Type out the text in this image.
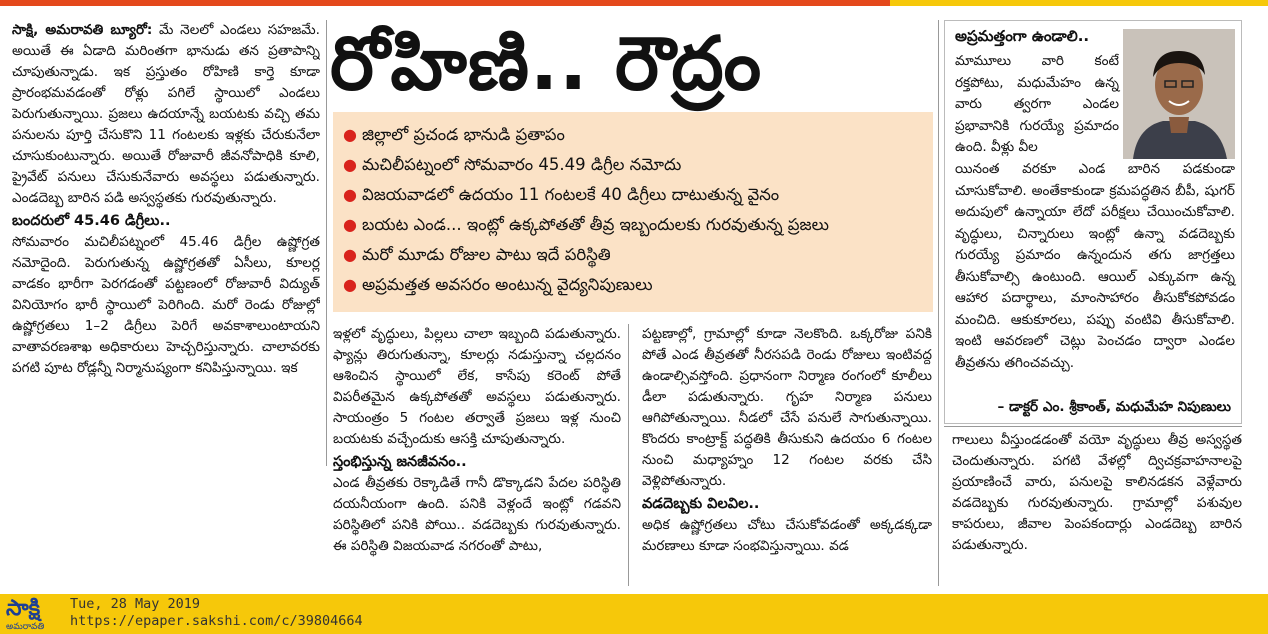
సాక్షి, అమరావతి బ్యూరో: మే నెలలో ఎండలు సహజమే. అయితే ఈ ఏడాది మరింతగా భానుడు తన ప్రతాపాన్ని చూపుతున్నాడు. ఇక ప్రస్తుతం రోహిణి కార్తె కూడా ప్రారంభమవడంతో రోళ్లు పగిలే స్థాయిలో ఎండలు పెరుగుతున్నాయి. ప్రజలు ఉదయాన్నే బయటకు వచ్చి తమ పనులను పూర్తి చేసుకొని 11 గంటలకు ఇళ్లకు చేరుకునేలా చూసుకుంటున్నారు. అయితే రోజువారీ జీవనోపాధికి కూలి, ప్రైవేట్ పనులు చేసుకునేవారు అవస్థలు పడుతున్నారు. ఎండదెబ్బ బారిన పడి అస్వస్థతకు గురవుతున్నారు.

బందరులో 45.46 డిగ్రీలు..

సోమవారం మచిలీపట్నంలో 45.46 డిగ్రీల ఉష్ణోగ్రత నమోదైంది. పెరుగుతున్న ఉష్ణోగ్రతతో ఏసీలు, కూలర్ల వాడకం భారీగా పెరగడంతో పట్టణంలో రోజువారీ విద్యుత్ వినియోగం భారీ స్థాయిలో పెరిగింది. మరో రెండు రోజుల్లో ఉష్ణోగ్రతలు 1–2 డిగ్రీలు పెరిగే అవకాశాలుంటాయని వాతావరణశాఖ అధికారులు హెచ్చరిస్తున్నారు. చాలావరకు పగటి పూట రోడ్లన్నీ నిర్మానుష్యంగా కనిపిస్తున్నాయి. ఇక

రోహిణి.. రౌద్రం
● జిల్లాలో ప్రచండ భానుడి ప్రతాపం
● మచిలీపట్నంలో సోమవారం 45.49 డిగ్రీల నమోదు
● విజయవాడలో ఉదయం 11 గంటలకే 40 డిగ్రీలు దాటుతున్న వైనం
● బయట ఎండ... ఇంట్లో ఉక్కపోతతో తీవ్ర ఇబ్బందులకు గురవుతున్న ప్రజలు
● మరో మూడు రోజుల పాటు ఇదే పరిస్థితి
● అప్రమత్తత అవసరం అంటున్న వైద్యనిపుణులు

ఇళ్లలో వృద్ధులు, పిల్లలు చాలా ఇబ్బంది పడుతున్నారు. ఫ్యాన్లు తిరుగుతున్నా, కూలర్లు నడుస్తున్నా చల్లదనం ఆశించిన స్థాయిలో లేక, కాసేపు కరెంట్ పోతే విపరీతమైన ఉక్కపోతతో అవస్థలు పడుతున్నారు. సాయంత్రం 5 గంటల తర్వాతే ప్రజలు ఇళ్ల నుంచి బయటకు వచ్చేందుకు ఆసక్తి చూపుతున్నారు.

స్తంభిస్తున్న జనజీవనం..

ఎండ తీవ్రతకు రెక్కాడితే గానీ డొక్కాడని పేదల పరిస్థితి దయనీయంగా ఉంది. పనికి వెళ్లందే ఇంట్లో గడవని పరిస్థితిలో పనికి పోయి.. వడదెబ్బకు గురవుతున్నారు. ఈ పరిస్థితి విజయవాడ నగరంతో పాటు,

పట్టణాల్లో, గ్రామాల్లో కూడా నెలకొంది. ఒక్కరోజు పనికి పోతే ఎండ తీవ్రతతో నీరసపడి రెండు రోజులు ఇంటివద్ద ఉండాల్సివస్తోంది. ప్రధానంగా నిర్మాణ రంగంలో కూలీలు డీలా పడుతున్నారు. గృహ నిర్మాణ పనులు ఆగిపోతున్నాయి. నీడలో చేసే పనులే సాగుతున్నాయి. కొందరు కాంట్రాక్ట్ పద్ధతికి తీసుకుని ఉదయం 6 గంటల నుంచి మధ్యాహ్నం 12 గంటల వరకు చేసి వెళ్లిపోతున్నారు.

వడదెబ్బకు విలవిల..

అధిక ఉష్ణోగ్రతలు చోటు చేసుకోవడంతో అక్కడక్కడా మరణాలు కూడా సంభవిస్తున్నాయి. వడ

అప్రమత్తంగా ఉండాలి..
మామూలు వారి కంటే రక్తపోటు, మధుమేహం ఉన్న వారు త్వరగా ఎండల ప్రభావానికి గురయ్యే ప్రమాదం ఉంది. వీళ్లు వీల
యినంత వరకూ ఎండ బారిన పడకుండా చూసుకోవాలి. అంతేకాకుండా క్రమపద్ధతిన బీపీ, షుగర్ అదుపులో ఉన్నాయా లేదో పరీక్షలు చేయించుకోవాలి. వృద్ధులు, చిన్నారులు ఇంట్లో ఉన్నా వడదెబ్బకు గురయ్యే ప్రమాదం ఉన్నందున తగు జాగ్రత్తలు తీసుకోవాల్సి ఉంటుంది. ఆయిల్ ఎక్కువగా ఉన్న ఆహార పదార్థాలు, మాంసాహారం తీసుకోకపోవడం మంచిది. ఆకుకూరలు, పప్పు వంటివి తీసుకోవాలి. ఇంటి ఆవరణలో చెట్లు పెంచడం ద్వారా ఎండల తీవ్రతను తగించవచ్చు.
– డాక్టర్ ఎం. శ్రీకాంత్, మధుమేహ నిపుణులు

గాలులు వీస్తుండడంతో వయో వృద్ధులు తీవ్ర అస్వస్థత చెందుతున్నారు. పగటి వేళల్లో ద్విచక్రవాహనాలపై ప్రయాణించే వారు, పనులపై కాలినడకన వెళ్లేవారు వడదెబ్బకు గురవుతున్నారు. గ్రామాల్లో పశువుల కాపరులు, జీవాల పెంపకందార్లు ఎండదెబ్బ బారిన పడుతున్నారు.

సాక్షి
అమరావతి
Tue, 28 May 2019
https://epaper.sakshi.com/c/39804664
